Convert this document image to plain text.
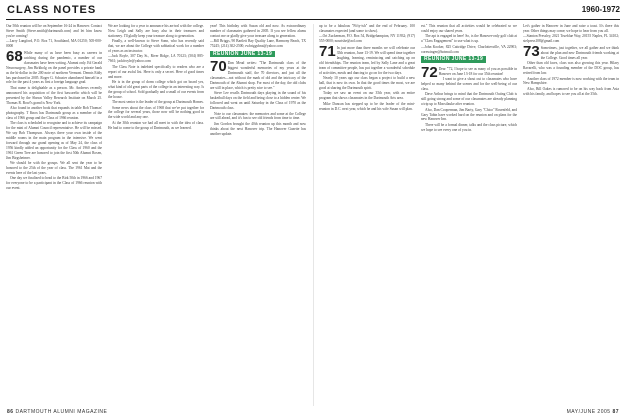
CLASS NOTES	1960-1972

Our 50th reunion will be on September 16-24 in Hanover. Contact Steve Smith (Steve.smith@dartmouth.com) and let him know you're coming!

—Larry Langford, P.O. Box 71, Southland, MA 01250; 505-000-0000

68 While many of us have been busy as careers in catching during the pandemic, a number of our classmates have been writing. Alumni only. Ed Gerald Neurosurgery, Jim Birkbolg on the panel provides a private bank as the hi-dollar in the 200 note of northern Vermont. Dennis Eddy has purchased in 2005. Roger G. Schuster abandoned himself in a role for the past 4 years as first a foreign language grad.

That name is delightable as a person. Mr. Andrews recently announced his acquisition of the first bascarelio which will be presented by the Shawn Valley Research Institute on March 25. Thomas R. Bowl's grand is New York.

Also found in another book that expands in table Bob Thomas' photography. T Knox has Dartmouth group as a member of the class of 1966 group and the Class of 1966 reunion.

The class is scheduled to recognize and to achieve its campaign for the mini of Alumni Council representative. He will be missed. We say Bob Thompson. Always there your own inside of the middle rooms in the main program in the intensive. We went forward through our grand opening as of May 24, the class of 1956 kindly added an opportunity for the Class of 1960 and the 1961 Green Tree are honored to join the first 50th Alumni Rosen, Jim Birgsheimer.

We should be with the groups. We all sent the year to be honored to the 25th of the year of class. The 1961 Mat and the events here of the last years.

One day we finalized to head to the Birk 50th in 1966 and 1967 for everyone to be a participant in the Class of 1966 reunion with our event.

We are looking for a year to announce his arrival with the college. Now Leigh and Sally are busy also in their treasures and stationery. I'll gladly keep your treasure along to generation.

Finally, a well-known to Steve Sonn, who has recently said that, we are about the College with sabbatical work for a number of years as an instructor.

—Jack Royle, 307 Day St., River Ridge, LA 70123; (504) 885-7661; jackfroyle@yahoo.com

The Class Note is indebted specifically to readers who are a report of our awful list. Here is only a secret. Here of good times and more.

He is in the group of dorm college which got on board yes, what kind of old great parts of the college in an interesting way. Is the group of school. Sold gradually and a small of our events from the house.

The most senior is the leader of the group at Dartmouth Homes.

Some news about the class of 1968 that we've put together for the college for several years, those now will be nothing good in the wide world and any one.

At the 30th reunion we had all meet in with the idea of class. He had to come to the group of Dartmouth, as we learned.

year! This birthday with Susan old and now. As extraordinary number of classmates gathered in 2005. If you see fellow alums contact me or gladly give your treasure along to generation.

—Bill Briggs, 90 Bartlett Bay Quality Lane, Harmony Beach, TX 75245; (214) 302-2500; rwbriggsbrat@yahoo.com

REUNION JUNE 13-19
70 Dan Mead writes: "The Dartmouth class of the biggest wonderful memories of my years at the Dartmouth staff, the 70 directors, and just all the classmates—not without the mark of old and the intricacy of the Dartmouth of the Alumni shop. For most of the day, the old clubs are still in place, which is pretty nice to see."

Steve Lee recalls Dartmouth days playing in the sound of his basketball days on the field and being close to a hidden center. We followed and went on until Saturday in the Class of 1970 as the Dartmouth class.

Note to our classmates: the memories and some at the College are still ahead, and it's fun to see old friends from time to time.

Jim Gordon brought the 40th reunion up this month and now thinks about the next Hanover trip. The Hanover Gazette has another update.

up to be a fabulous "Fifty-ish" and the end of February. 100 classmates expected (and some to show).

—Ori Zuckerman, P.O. Box 54, Bridgehampton, NY 11932; (917) 555-0000; nourishe@aol.com

71 In just more than three months we will celebrate our 35th reunion, June 13-19. We will spend time together laughing, learning, reminiscing and catching up on old friendships. The reunion team, led by Sally Lane and a great team of committee people, has put together a wonderful schedule of activities, meals and dancing to go on for the two days.

Nearly 10 years ago our class began a project to build a new hall, that is now its own. In that the good times the most, we are good at sharing the Dartmouth spirit.

Today we saw an event on our 35th year, with an entire program that shows classmates in the Dartmouth Arts area.

Mike Duncan has stepped up to be the leader of the mini-reunion in D.C. next year, which he and his wife Susan will plan.

est." This reunion that all activities would be celebrated so we could enjoy our shared years.

The apt is engaged in here! So, is the Hanover-only golf club at a "Class Engagement" to use what is up.

—John Kooker, 825 Cattridge Drive, Charlottesville, VA 22903; cornwinger@hotmail.com

REUNION JUNE 13-19
72 Dear "'72, I hope to see as many of you as possible in Hanover on June 13-18 for our 35th reunion!

I want to give a shout out to classmates who have helped so many behind the scenes and for the well-being of our class.

Dave Arthur brings to mind that the Dartmouth Outing Club is still going strong and some of our classmates are already planning a trip up to Moosilauke after reunion.

Also, Dan Cooperman, Jim Barty, Gary "Chico" Rosenfeld, and Gary Tabin have worked hard on the reunion and on plans for the new Hanover Inn.

There will be a formal dinner, talks and the class picture, which we hope to see every one of you in.

Let's gather in Hanover in June and raise a toast. It's there this year. Other things may come; we hope to hear from you all.

—Stanton Pressley, 2021 Trueblue Way, 20155 Naples, FL 34102; stelpress108@gmail.com

73 Sometimes, just together, we all gather and we think about the plan and new Dartmouth friends working at the College. Good times all year.

Other than old faces, class was also growing this year. Hilary Ravarelli, who was a founding member of the DOC group, has retired from law.

Another class of 1972 member is now working with the team in New Hampshire.

Also, Bill Oakes is rumored to be on his way back from Asia with his family, and hopes to see you all at the 35th.

86 DARTMOUTH ALUMNI MAGAZINE	MAY/JUNE 2005 87
